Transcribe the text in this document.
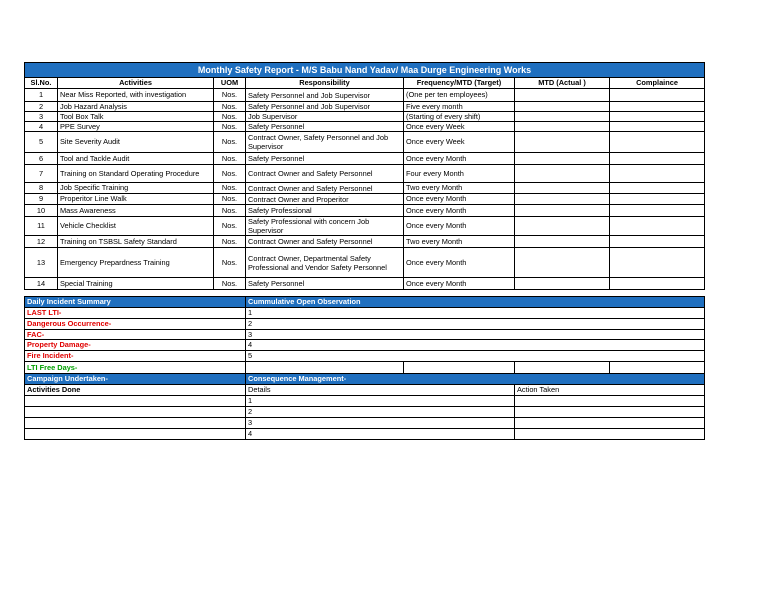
Monthly Safety Report - M/S Babu Nand Yadav/ Maa Durge Engineering Works						
Sl.No.	Activities	UOM	Responsibility	Frequency/MTD (Target)	MTD (Actual )	Complaince
1	Near Miss Reported, with investigation	Nos.	Safety Personnel and Job Supervisor	(One per ten employees)		
2	Job Hazard Analysis	Nos.	Safety Personnel and Job Supervisor	Five every month		
3	Tool Box Talk	Nos.	Job Supervisor	(Starting of every shift)		
4	PPE Survey	Nos.	Safety Personnel	Once every Week		
5	Site Severity Audit	Nos.	Contract Owner, Safety Personnel and Job Supervisor	Once every Week		
6	Tool and Tackle Audit	Nos.	Safety Personnel	Once every Month		
7	Training on Standard Operating Procedure	Nos.	Contract Owner and Safety Personnel	Four every Month		
8	Job Specific Training	Nos.	Contract Owner and Safety Personnel	Two every Month		
9	Properitor Line Walk	Nos.	Contract Owner and Properitor	Once every Month		
10	Mass Awareness	Nos.	Safety Professional	Once every Month		
11	Vehicle Checklist	Nos.	Safety Professional with concern Job Supervisor	Once every Month		
12	Training on TSBSL Safety Standard	Nos.	Contract Owner and Safety Personnel	Two every Month		
13	Emergency Prepardness Training	Nos.	Contract Owner, Departmental Safety Professional and Vendor Safety Personnel	Once every Month		
14	Special Training	Nos.	Safety Personnel	Once every Month		

Daily Incident Summary			Cummulative Open Observation			
LAST LTI-			1			
Dangerous Occurrence-			2			
FAC-			3			
Property Damage-			4			
Fire Incident-			5			
LTI Free Days-						
Campaign Undertaken-			Consequence Management-			
Activities Done			Details		Action Taken	
			1			
			2			
			3			
			4			
